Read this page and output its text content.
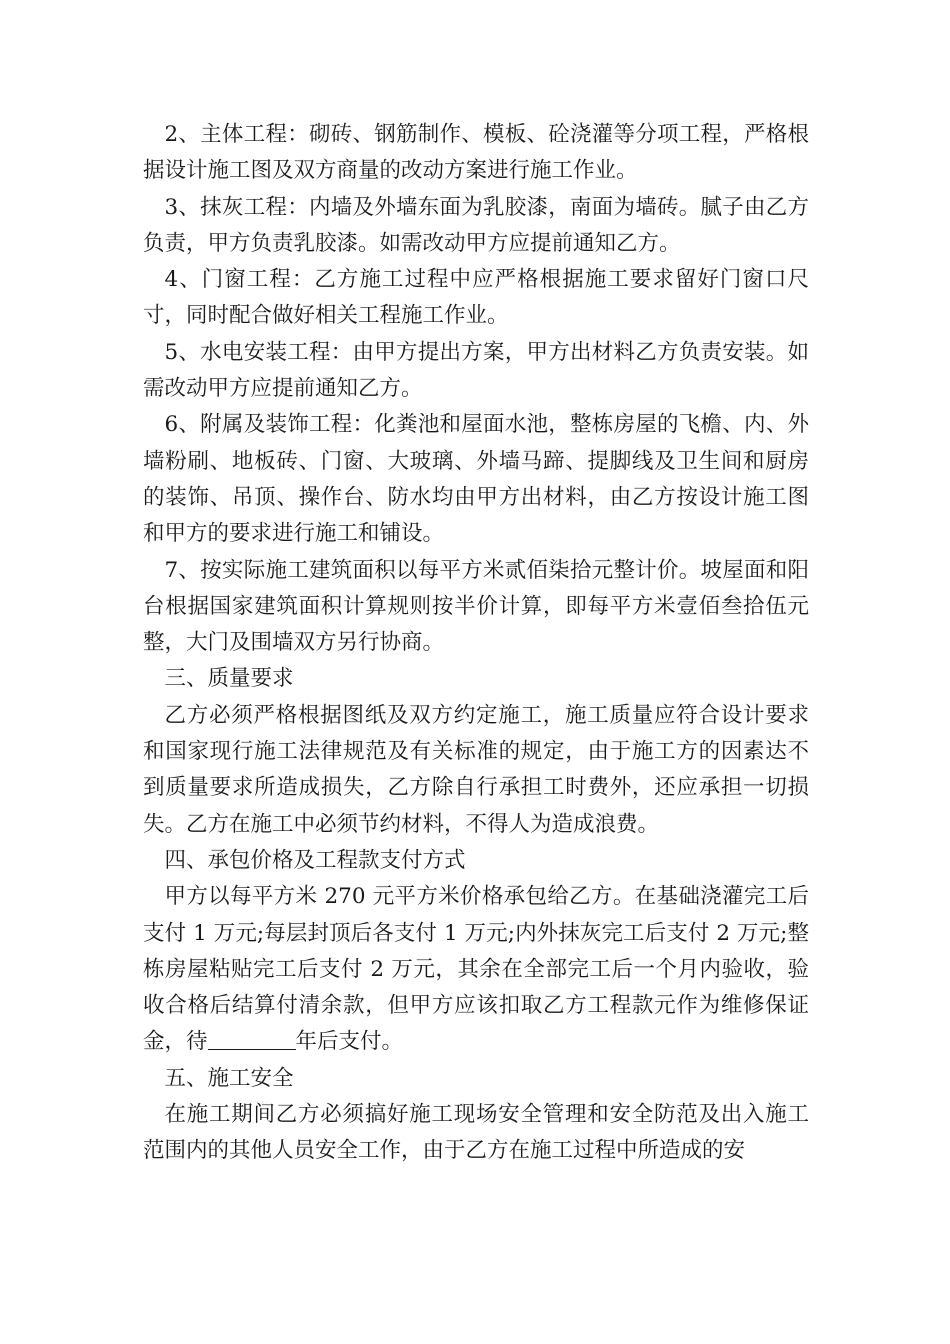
2、主体工程：砌砖、钢筋制作、模板、砼浇灌等分项工程，严格根据设计施工图及双方商量的改动方案进行施工作业。

3、抹灰工程：内墙及外墙东面为乳胶漆，南面为墙砖。腻子由乙方负责，甲方负责乳胶漆。如需改动甲方应提前通知乙方。

4、门窗工程：乙方施工过程中应严格根据施工要求留好门窗口尺寸，同时配合做好相关工程施工作业。

5、水电安装工程：由甲方提出方案，甲方出材料乙方负责安装。如需改动甲方应提前通知乙方。

6、附属及装饰工程：化粪池和屋面水池，整栋房屋的飞檐、内、外墙粉刷、地板砖、门窗、大玻璃、外墙马蹄、提脚线及卫生间和厨房的装饰、吊顶、操作台、防水均由甲方出材料，由乙方按设计施工图和甲方的要求进行施工和铺设。

7、按实际施工建筑面积以每平方米贰佰柒拾元整计价。坡屋面和阳台根据国家建筑面积计算规则按半价计算，即每平方米壹佰叁拾伍元整，大门及围墙双方另行协商。

三、质量要求

乙方必须严格根据图纸及双方约定施工，施工质量应符合设计要求和国家现行施工法律规范及有关标准的规定，由于施工方的因素达不到质量要求所造成损失，乙方除自行承担工时费外，还应承担一切损失。乙方在施工中必须节约材料，不得人为造成浪费。

四、承包价格及工程款支付方式

甲方以每平方米 270 元平方米价格承包给乙方。在基础浇灌完工后支付 1 万元;每层封顶后各支付 1 万元;内外抹灰完工后支付 2 万元;整栋房屋粘贴完工后支付 2 万元，其余在全部完工后一个月内验收，验收合格后结算付清余款，但甲方应该扣取乙方工程款元作为维修保证金，待	年后支付。

五、施工安全

在施工期间乙方必须搞好施工现场安全管理和安全防范及出入施工范围内的其他人员安全工作，由于乙方在施工过程中所造成的安
